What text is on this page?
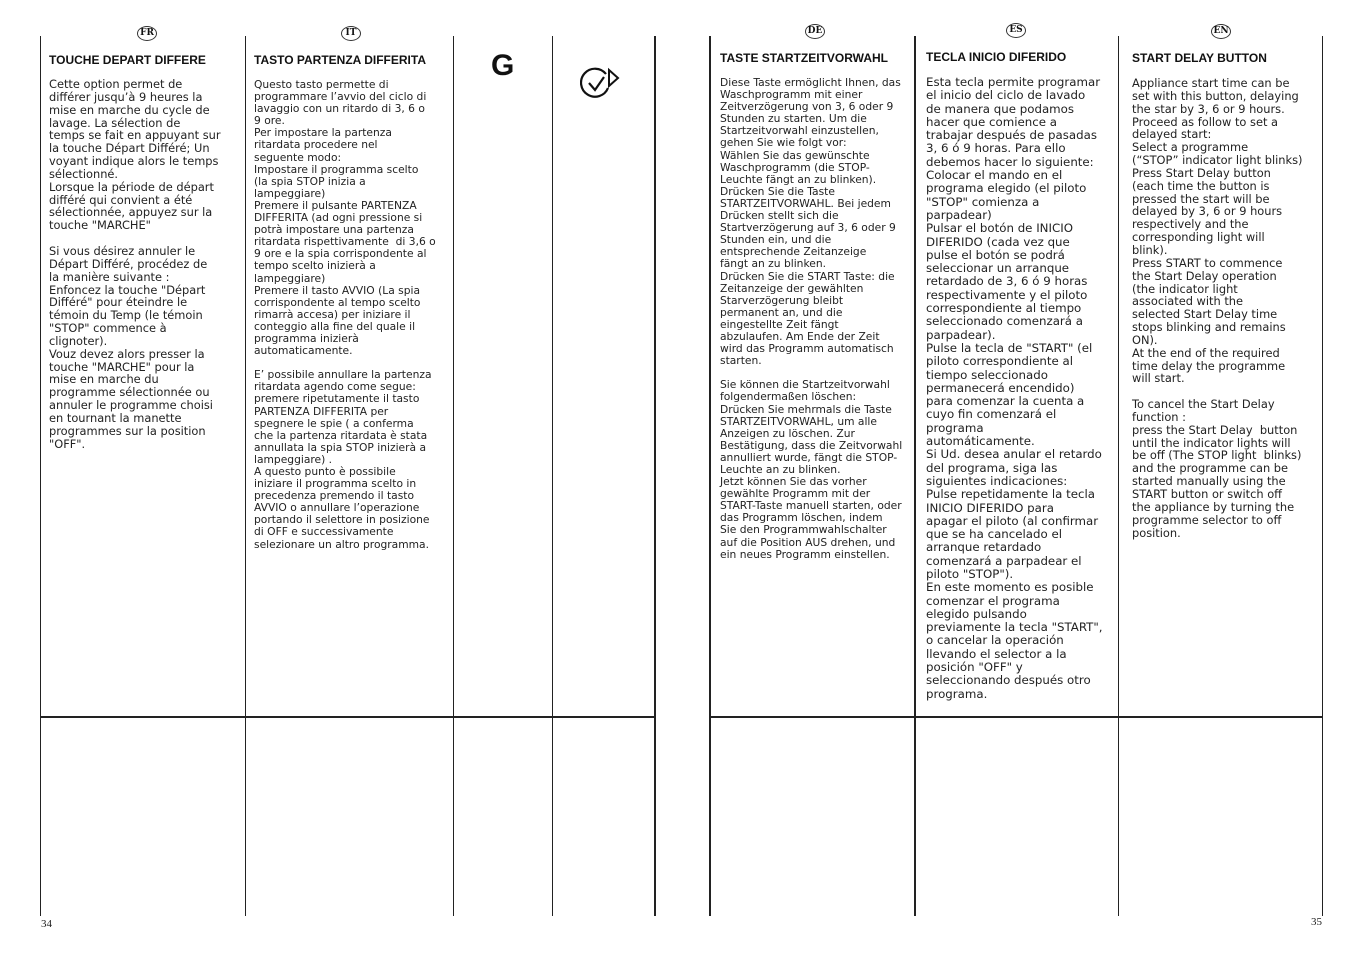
FR
TOUCHE DEPART DIFFERE
Cette option permet de
différer jusqu’à 9 heures la
mise en marche du cycle de
lavage. La sélection de
temps se fait en appuyant sur
la touche Départ Différé; Un
voyant indique alors le temps
sélectionné.
Lorsque la période de départ
différé qui convient a été
sélectionnée, appuyez sur la
touche "MARCHE"

Si vous désirez annuler le
Départ Différé, procédez de
la manière suivante :
Enfoncez la touche "Départ
Différé" pour éteindre le
témoin du Temp (le témoin
"STOP" commence à
clignoter).
Vouz devez alors presser la
touche "MARCHE" pour la
mise en marche du
programme sélectionnée ou
annuler le programme choisi
en tournant la manette
programmes sur la position
"OFF".
IT
TASTO PARTENZA DIFFERITA
Questo tasto permette di
programmare l’avvio del ciclo di
lavaggio con un ritardo di 3, 6 o
9 ore.
Per impostare la partenza
ritardata procedere nel
seguente modo:
Impostare il programma scelto
(la spia STOP inizia a
lampeggiare)
Premere il pulsante PARTENZA
DIFFERITA (ad ogni pressione si
potrà impostare una partenza
ritardata rispettivamente  di 3,6 o
9 ore e la spia corrispondente al
tempo scelto inizierà a
lampeggiare)
Premere il tasto AVVIO (La spia
corrispondente al tempo scelto
rimarrà accesa) per iniziare il
conteggio alla fine del quale il
programma inizierà
automaticamente.

E’ possibile annullare la partenza
ritardata agendo come segue:
premere ripetutamente il tasto
PARTENZA DIFFERITA per
spegnere le spie ( a conferma
che la partenza ritardata è stata
annullata la spia STOP inizierà a
lampeggiare) .
A questo punto è possibile
iniziare il programma scelto in
precedenza premendo il tasto
AVVIO o annullare l’operazione
portando il selettore in posizione
di OFF e successivamente
selezionare un altro programma.
G
DE
TASTE STARTZEITVORWAHL
Diese Taste ermöglicht Ihnen, das
Waschprogramm mit einer
Zeitverzögerung von 3, 6 oder 9
Stunden zu starten. Um die
Startzeitvorwahl einzustellen,
gehen Sie wie folgt vor:
Wählen Sie das gewünschte
Waschprogramm (die STOP-
Leuchte fängt an zu blinken).
Drücken Sie die Taste
STARTZEITVORWAHL. Bei jedem
Drücken stellt sich die
Startverzögerung auf 3, 6 oder 9
Stunden ein, und die
entsprechende Zeitanzeige
fängt an zu blinken.
Drücken Sie die START Taste: die
Zeitanzeige der gewählten
Starverzögerung bleibt
permanent an, und die
eingestellte Zeit fängt
abzulaufen. Am Ende der Zeit
wird das Programm automatisch
starten.

Sie können die Startzeitvorwahl
folgendermaßen löschen:
Drücken Sie mehrmals die Taste
STARTZEITVORWAHL, um alle
Anzeigen zu löschen. Zur
Bestätigung, dass die Zeitvorwahl
annulliert wurde, fängt die STOP-
Leuchte an zu blinken.
Jetzt können Sie das vorher
gewählte Programm mit der
START-Taste manuell starten, oder
das Programm löschen, indem
Sie den Programmwahlschalter
auf die Position AUS drehen, und
ein neues Programm einstellen.
ES
TECLA INICIO DIFERIDO
Esta tecla permite programar
el inicio del ciclo de lavado
de manera que podamos
hacer que comience a
trabajar después de pasadas
3, 6 ó 9 horas. Para ello
debemos hacer lo siguiente:
Colocar el mando en el
programa elegido (el piloto
"STOP" comienza a
parpadear)
Pulsar el botón de INICIO
DIFERIDO (cada vez que
pulse el botón se podrá
seleccionar un arranque
retardado de 3, 6 ó 9 horas
respectivamente y el piloto
correspondiente al tiempo
seleccionado comenzará a
parpadear).
Pulse la tecla de "START" (el
piloto correspondiente al
tiempo seleccionado
permanecerá encendido)
para comenzar la cuenta a
cuyo fin comenzará el
programa
automáticamente.
Si Ud. desea anular el retardo
del programa, siga las
siguientes indicaciones:
Pulse repetidamente la tecla
INICIO DIFERIDO para
apagar el piloto (al confirmar
que se ha cancelado el
arranque retardado
comenzará a parpadear el
piloto "STOP").
En este momento es posible
comenzar el programa
elegido pulsando
previamente la tecla "START",
o cancelar la operación
llevando el selector a la
posición "OFF" y
seleccionando después otro
programa.
EN
START DELAY BUTTON
Appliance start time can be
set with this button, delaying
the star by 3, 6 or 9 hours.
Proceed as follow to set a
delayed start:
Select a programme
(“STOP” indicator light blinks)
Press Start Delay button
(each time the button is
pressed the start will be
delayed by 3, 6 or 9 hours
respectively and the
corresponding light will
blink).
Press START to commence
the Start Delay operation
(the indicator light
associated with the
selected Start Delay time
stops blinking and remains
ON).
At the end of the required
time delay the programme
will start.

To cancel the Start Delay
function :
press the Start Delay  button
until the indicator lights will
be off (The STOP light  blinks)
and the programme can be
started manually using the
START button or switch off
the appliance by turning the
programme selector to off
position.
34	35
